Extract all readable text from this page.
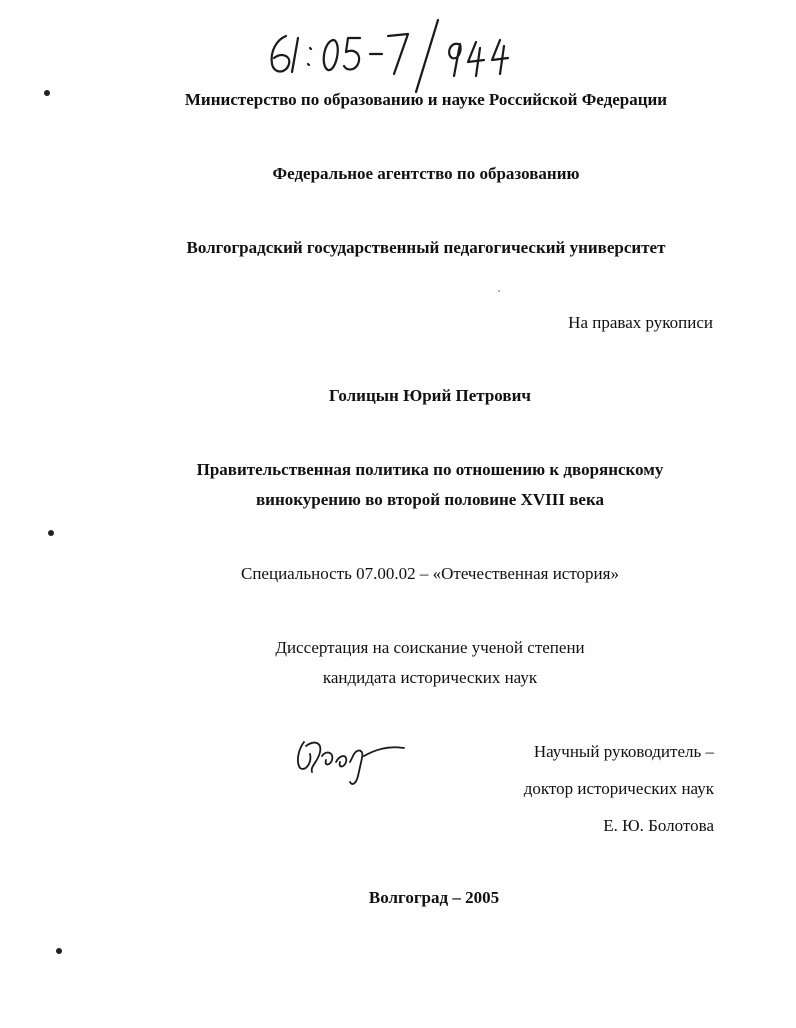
Министерство по образованию и науке Российской Федерации
Федеральное агентство по образованию
Волгоградский государственный педагогический университет
На правах рукописи
Голицын Юрий Петрович
Правительственная политика по отношению к дворянскому
винокурению во второй половине XVIII века
Специальность 07.00.02 – «Отечественная история»
Диссертация на соискание ученой степени
кандидата исторических наук
Научный руководитель –
доктор исторических наук
Е. Ю. Болотова
Волгоград – 2005
